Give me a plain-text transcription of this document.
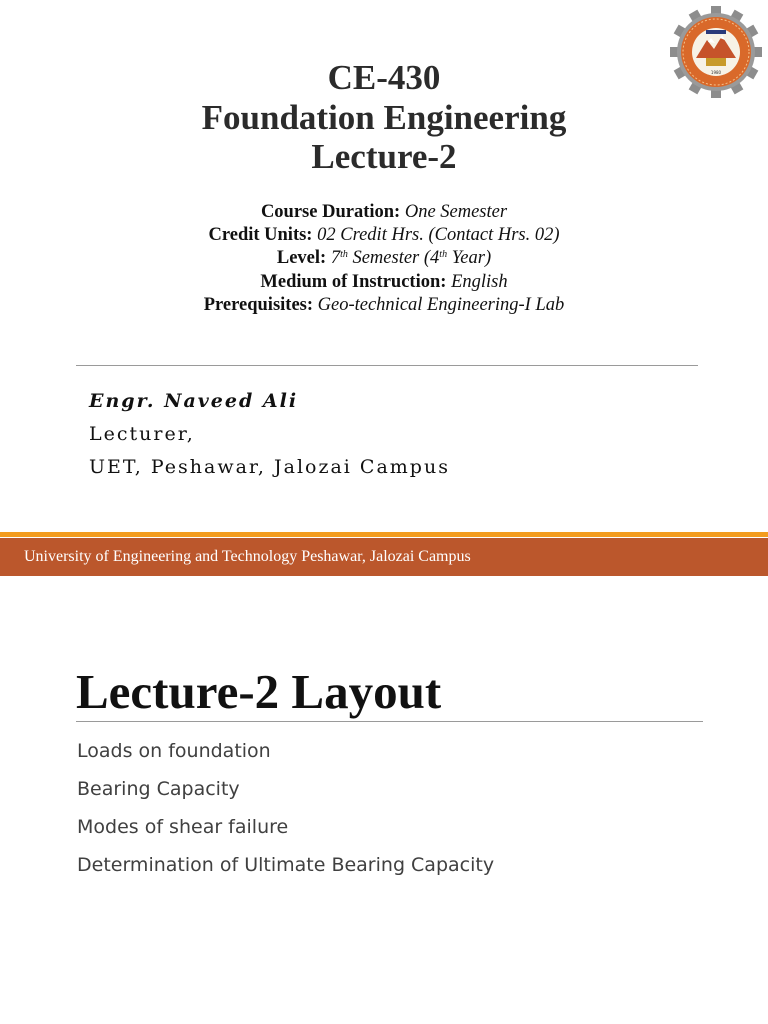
CE-430
Foundation Engineering
Lecture-2
Course Duration: One Semester
Credit Units: 02 Credit Hrs. (Contact Hrs. 02)
Level: 7th Semester (4th Year)
Medium of Instruction: English
Prerequisites: Geo-technical Engineering-I Lab
Engr. Naveed Ali
Lecturer,
UET, Peshawar, Jalozai Campus
University of Engineering and Technology Peshawar, Jalozai Campus
1980
Lecture-2 Layout
Loads on foundation
Bearing Capacity
Modes of shear failure
Determination of Ultimate Bearing Capacity
